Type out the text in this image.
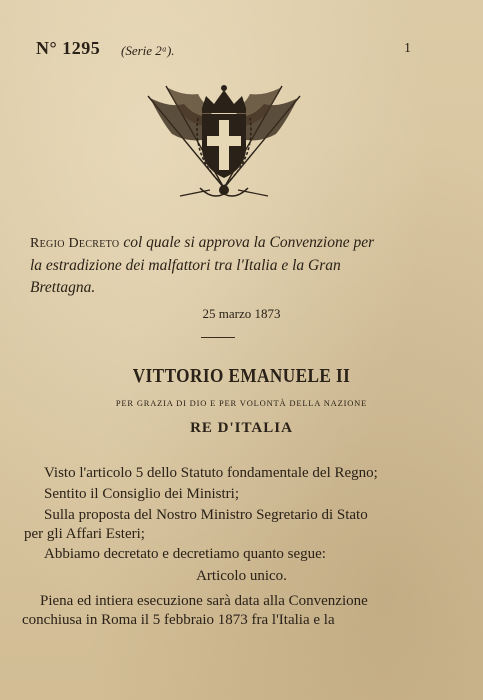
N° 1295 (Serie 2ᵃ).	1
Regio Decreto col quale si approva la Convenzione per
la estradizione dei malfattori tra l'Italia e la Gran
Brettagna.
25 marzo 1873
VITTORIO EMANUELE II
PER GRAZIA DI DIO E PER VOLONTÀ DELLA NAZIONE
RE D'ITALIA
Visto l'articolo 5 dello Statuto fondamentale del Regno;
Sentito il Consiglio dei Ministri;
Sulla proposta del Nostro Ministro Segretario di Stato
per gli Affari Esteri;
Abbiamo decretato e decretiamo quanto segue:
Articolo unico.
Piena ed intiera esecuzione sarà data alla Convenzione
conchiusa in Roma il 5 febbraio 1873 fra l'Italia e la
